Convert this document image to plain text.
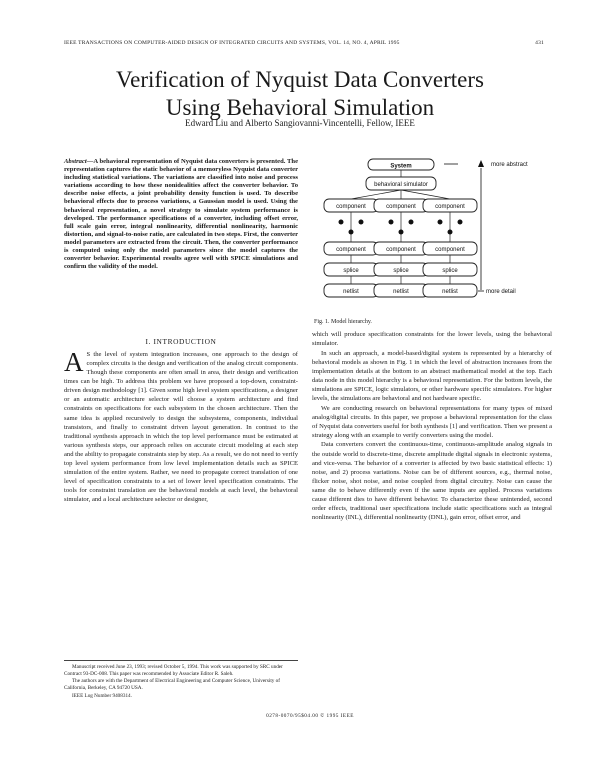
IEEE TRANSACTIONS ON COMPUTER-AIDED DESIGN OF INTEGRATED CIRCUITS AND SYSTEMS, VOL. 14, NO. 4, APRIL 1995	431
Verification of Nyquist Data Converters
Using Behavioral Simulation
Edward Liu and Alberto Sangiovanni-Vincentelli, Fellow, IEEE
Abstract—A behavioral representation of Nyquist data converters is presented. The representation captures the static behavior of a memoryless Nyquist data converter including statistical variations. The variations are classified into noise and process variations according to how these nonidealities affect the converter behavior. To describe noise effects, a joint probability density function is used. To describe behavioral effects due to process variations, a Gaussian model is used. Using the behavioral representation, a novel strategy to simulate system performance is developed. The performance specifications of a converter, including offset error, full scale gain error, integral nonlinearity, differential nonlinearity, harmonic distortion, and signal-to-noise ratio, are calculated in two steps. First, the converter model parameters are extracted from the circuit. Then, the converter performance is computed using only the model parameters since the model captures the converter behavior. Experimental results agree well with SPICE simulations and confirm the validity of the model.
System
behavioral simulator
component	component	component
component	component	component
splice	splice	splice
netlist	netlist	netlist
more abstract
more detail
Fig. 1. Model hierarchy.
I. INTRODUCTION

A S the level of system integration increases, one approach to the design of complex circuits is the design and verification of the analog circuit components. Though these components are often small in area, their design and verification times can be high. To address this problem we have proposed a top-down, constraint-driven design methodology [1]. Given some high level system specifications, a designer or an automatic architecture selector will choose a system architecture and find constraints on specifications for each subsystem in the chosen architecture. Then the same idea is applied recursively to design the subsystems, components, individual transistors, and finally to constraint driven layout generation. In contrast to the traditional synthesis approach in which the top level performance must be estimated at various synthesis steps, our approach relies on accurate circuit modeling at each step and the ability to propagate constraints step by step. As a result, we do not need to verify top level system performance from low level implementation details such as SPICE simulation of the entire system. Rather, we need to propagate correct translation of one level of specification constraints to a set of lower level specification constraints. The tools for constraint translation are the behavioral models at each level, the behavioral simulator, and a local architecture selector or designer,

which will produce specification constraints for the lower levels, using the behavioral simulator.

In such an approach, a model-based/digital system is represented by a hierarchy of behavioral models as shown in Fig. 1 in which the level of abstraction increases from the implementation details at the bottom to an abstract mathematical model at the top. Each data node in this model hierarchy is a behavioral representation. For the bottom levels, the simulations are SPICE, logic simulators, or other hardware specific simulators. For higher levels, the simulations are behavioral and not hardware specific.

We are conducting research on behavioral representations for many types of mixed analog/digital circuits. In this paper, we propose a behavioral representation for the class of Nyquist data converters useful for both synthesis [1] and verification. Then we present a strategy along with an example to verify converters using the model.

Data converters convert the continuous-time, continuous-amplitude analog signals in the outside world to discrete-time, discrete amplitude digital signals in electronic systems, and vice-versa. The behavior of a converter is affected by two basic statistical effects: 1) noise, and 2) process variations. Noise can be of different sources, e.g., thermal noise, flicker noise, shot noise, and noise coupled from digital circuitry. Noise can cause the same die to behave differently even if the same inputs are applied. Process variations cause different dies to have different behavior. To characterize these unintended, second order effects, traditional user specifications include static specifications such as integral nonlinearity (INL), differential nonlinearity (DNL), gain error, offset error, and

Manuscript received June 23, 1993; revised October 5, 1994. This work was supported by SRC under Contract 93-DC-008. This paper was recommended by Associate Editor R. Saleh.

The authors are with the Department of Electrical Engineering and Computer Science, University of California, Berkeley, CA 94720 USA.

IEEE Log Number 9408314.

0278-0070/95$04.00 © 1995 IEEE
